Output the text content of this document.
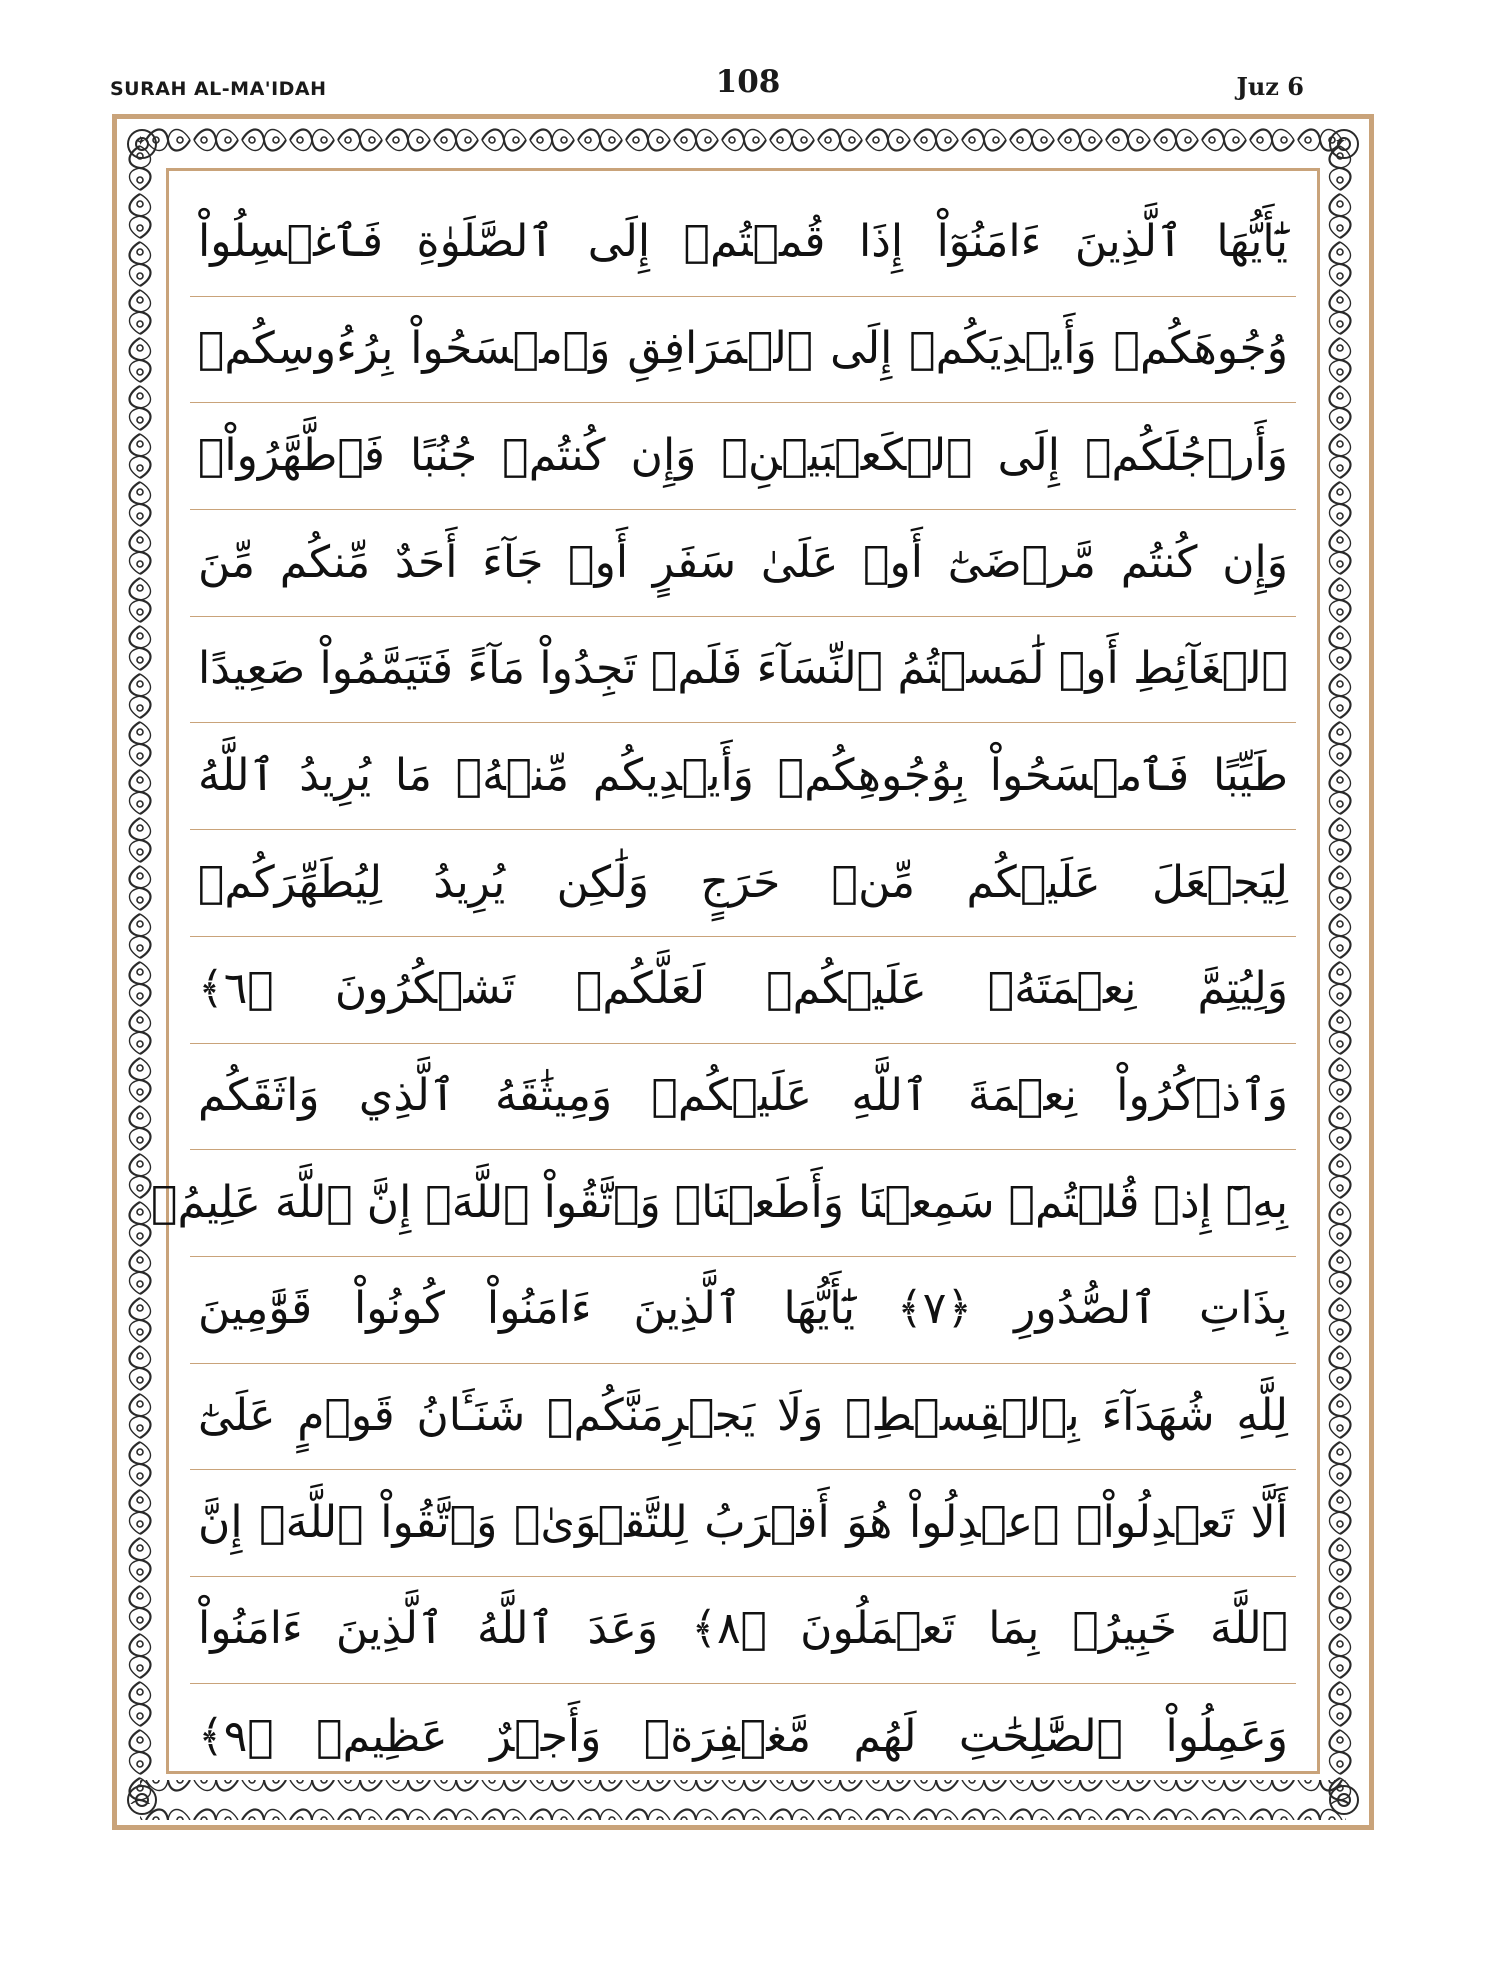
SURAH AL-MA'IDAH	108	Juz 6
يَٰٓأَيُّهَا ٱلَّذِينَ ءَامَنُوٓاْ إِذَا قُمۡتُمۡ إِلَى ٱلصَّلَوٰةِ فَٱغۡسِلُواْ
وُجُوهَكُمۡ وَأَيۡدِيَكُمۡ إِلَى ٱلۡمَرَافِقِ وَٱمۡسَحُواْ بِرُءُوسِكُمۡ
وَأَرۡجُلَكُمۡ إِلَى ٱلۡكَعۡبَيۡنِۚ وَإِن كُنتُمۡ جُنُبًا فَٱطَّهَّرُواْۚ
وَإِن كُنتُم مَّرۡضَىٰٓ أَوۡ عَلَىٰ سَفَرٍ أَوۡ جَآءَ أَحَدٌ مِّنكُم مِّنَ
ٱلۡغَآئِطِ أَوۡ لَٰمَسۡتُمُ ٱلنِّسَآءَ فَلَمۡ تَجِدُواْ مَآءً فَتَيَمَّمُواْ صَعِيدًا
طَيِّبًا فَٱمۡسَحُواْ بِوُجُوهِكُمۡ وَأَيۡدِيكُم مِّنۡهُۚ مَا يُرِيدُ ٱللَّهُ
لِيَجۡعَلَ عَلَيۡكُم مِّنۡ حَرَجٍ وَلَٰكِن يُرِيدُ لِيُطَهِّرَكُمۡ
وَلِيُتِمَّ نِعۡمَتَهُۥ عَلَيۡكُمۡ لَعَلَّكُمۡ تَشۡكُرُونَ ﴿٦﴾
وَٱذۡكُرُواْ نِعۡمَةَ ٱللَّهِ عَلَيۡكُمۡ وَمِيثَٰقَهُ ٱلَّذِي وَاثَقَكُم
بِهِۦٓ إِذۡ قُلۡتُمۡ سَمِعۡنَا وَأَطَعۡنَاۖ وَٱتَّقُواْ ٱللَّهَۚ إِنَّ ٱللَّهَ عَلِيمُۢ
بِذَاتِ ٱلصُّدُورِ ﴿٧﴾ يَٰٓأَيُّهَا ٱلَّذِينَ ءَامَنُواْ كُونُواْ قَوَّٰمِينَ
لِلَّهِ شُهَدَآءَ بِٱلۡقِسۡطِۖ وَلَا يَجۡرِمَنَّكُمۡ شَنَـَٔانُ قَوۡمٍ عَلَىٰٓ
أَلَّا تَعۡدِلُواْۚ ٱعۡدِلُواْ هُوَ أَقۡرَبُ لِلتَّقۡوَىٰۖ وَٱتَّقُواْ ٱللَّهَۚ إِنَّ
ٱللَّهَ خَبِيرُۢ بِمَا تَعۡمَلُونَ ﴿٨﴾ وَعَدَ ٱللَّهُ ٱلَّذِينَ ءَامَنُواْ
وَعَمِلُواْ ٱلصَّٰلِحَٰتِ لَهُم مَّغۡفِرَةٞ وَأَجۡرٌ عَظِيمٞ ﴿٩﴾
